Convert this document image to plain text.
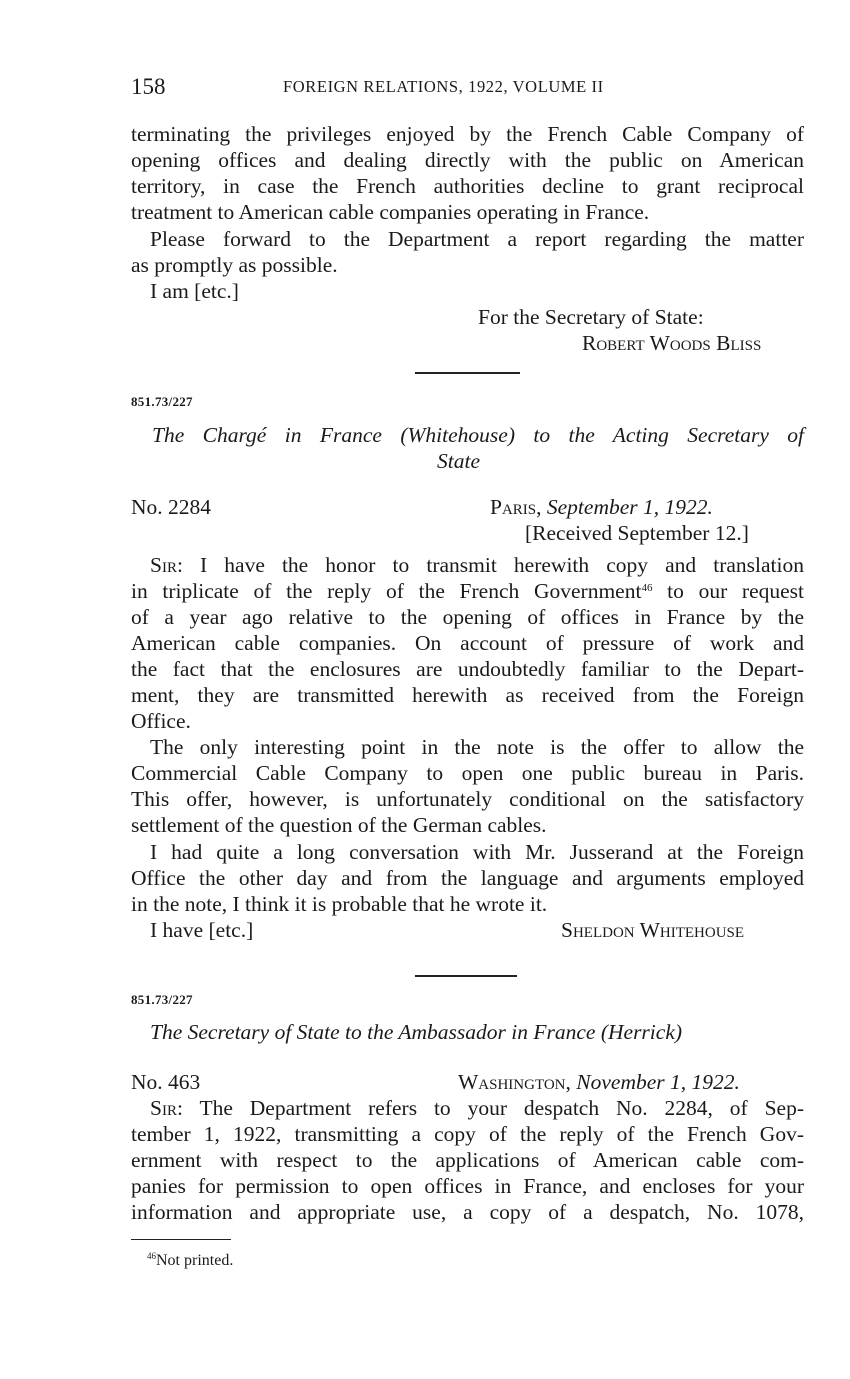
158	FOREIGN RELATIONS, 1922, VOLUME II
terminating the privileges enjoyed by the French Cable Company of
opening offices and dealing directly with the public on American
territory, in case the French authorities decline to grant reciprocal
treatment to American cable companies operating in France.
Please forward to the Department a report regarding the matter
as promptly as possible.
I am [etc.]
For the Secretary of State:
Robert Woods Bliss
851.73/227
The Chargé in France (Whitehouse) to the Acting Secretary of
State
No. 2284	Paris, September 1, 1922.
[Received September 12.]
Sir: I have the honor to transmit herewith copy and translation
in triplicate of the reply of the French Government$^{46}$ to our request
of a year ago relative to the opening of offices in France by the
American cable companies. On account of pressure of work and
the fact that the enclosures are undoubtedly familiar to the Depart-
ment, they are transmitted herewith as received from the Foreign
Office.
The only interesting point in the note is the offer to allow the
Commercial Cable Company to open one public bureau in Paris.
This offer, however, is unfortunately conditional on the satisfactory
settlement of the question of the German cables.
I had quite a long conversation with Mr. Jusserand at the Foreign
Office the other day and from the language and arguments employed
in the note, I think it is probable that he wrote it.
I have [etc.]	Sheldon Whitehouse
851.73/227
The Secretary of State to the Ambassador in France (Herrick)
No. 463	Washington, November 1, 1922.
Sir: The Department refers to your despatch No. 2284, of Sep-
tember 1, 1922, transmitting a copy of the reply of the French Gov-
ernment with respect to the applications of American cable com-
panies for permission to open offices in France, and encloses for your
information and appropriate use, a copy of a despatch, No. 1078,
$^{46}$Not printed.
